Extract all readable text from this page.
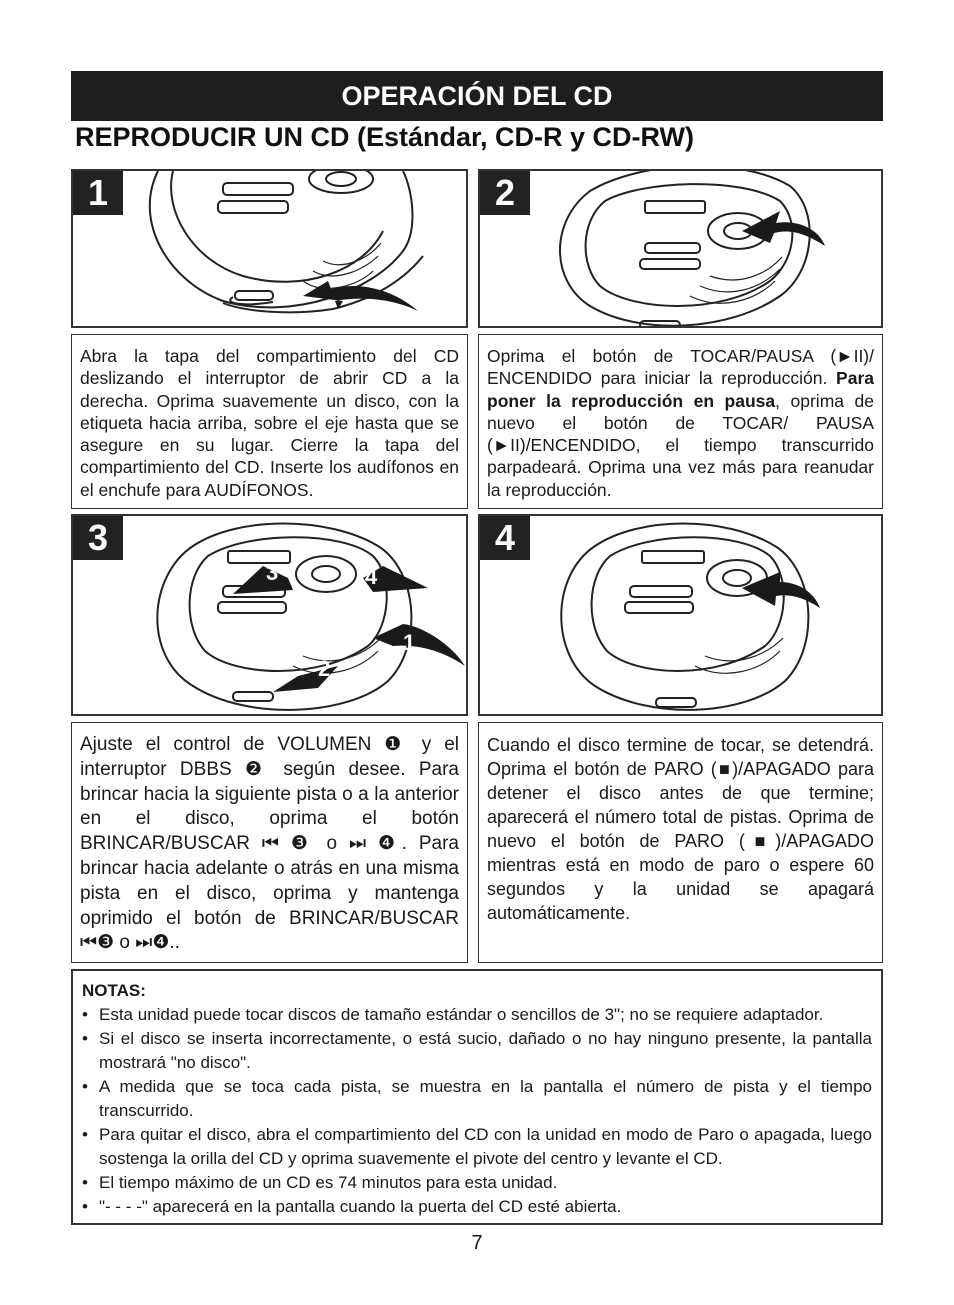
OPERACIÓN DEL CD
REPRODUCIR UN CD (Estándar, CD-R y CD-RW)
1	2

Abra la tapa del compartimiento del CD deslizando el interruptor de abrir CD a la derecha. Oprima suavemente un disco, con la etiqueta hacia arriba, sobre el eje hasta que se asegure en su lugar. Cierre la tapa del compartimiento del CD. Inserte los audífonos en el enchufe para AUDÍFONOS.

Oprima el botón de TOCAR/PAUSA (►II)/ ENCENDIDO para iniciar la reproducción. Para poner la reproducción en pausa, oprima de nuevo el botón de TOCAR/ PAUSA (►II)/ENCENDIDO, el tiempo transcurrido parpadeará. Oprima una vez más para reanudar la reproducción.

3	4
1
2
3	4

Ajuste el control de VOLUMEN ❶ y el interruptor DBBS ❷ según desee. Para brincar hacia la siguiente pista o a la anterior en el disco, oprima el botón BRINCAR/BUSCAR ⏮ ❸ o ⏭ ❹. Para brincar hacia adelante o atrás en una misma pista en el disco, oprima y mantenga oprimido el botón de BRINCAR/BUSCAR ⏮❸ o ⏭❹..

Cuando el disco termine de tocar, se detendrá. Oprima el botón de PARO (■)/APAGADO para detener el disco antes de que termine; aparecerá el número total de pistas. Oprima de nuevo el botón de PARO (■)/APAGADO mientras está en modo de paro o espere 60 segundos y la unidad se apagará automáticamente.

NOTAS:
• Esta unidad puede tocar discos de tamaño estándar o sencillos de 3"; no se requiere adaptador.
• Si el disco se inserta incorrectamente, o está sucio, dañado o no hay ninguno presente, la pantalla mostrará "no disco".
• A medida que se toca cada pista, se muestra en la pantalla el número de pista y el tiempo transcurrido.
• Para quitar el disco, abra el compartimiento del CD con la unidad en modo de Paro o apagada, luego sostenga la orilla del CD y oprima suavemente el pivote del centro y levante el CD.
• El tiempo máximo de un CD es 74 minutos para esta unidad.
• "- - - -" aparecerá en la pantalla cuando la puerta del CD esté abierta.
7
